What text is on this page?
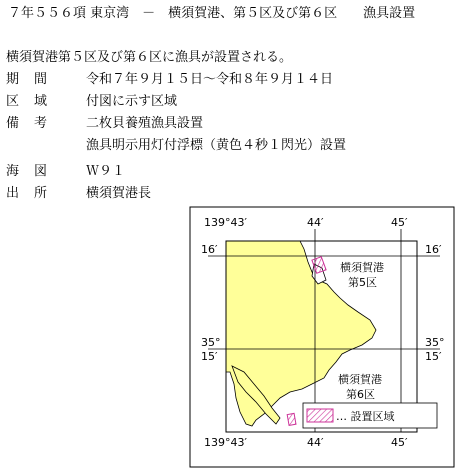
７年５５６項 東京湾　－　横須賀港、第５区及び第６区　　漁具設置
横須賀港第５区及び第６区に漁具が設置される。
期間 令和７年９月１５日～令和８年９月１４日
区域 付図に示す区域
備考 二枚貝養殖漁具設置
漁具明示用灯付浮標（黄色４秒１閃光）設置
海図 Ｗ９１
出所 横須賀港長
… 設置区域
139°43′	44′	45′
139°43′	44′	45′
16′	16′
35°
15′
35°
15′
横須賀港
第5区
横須賀港
第6区
